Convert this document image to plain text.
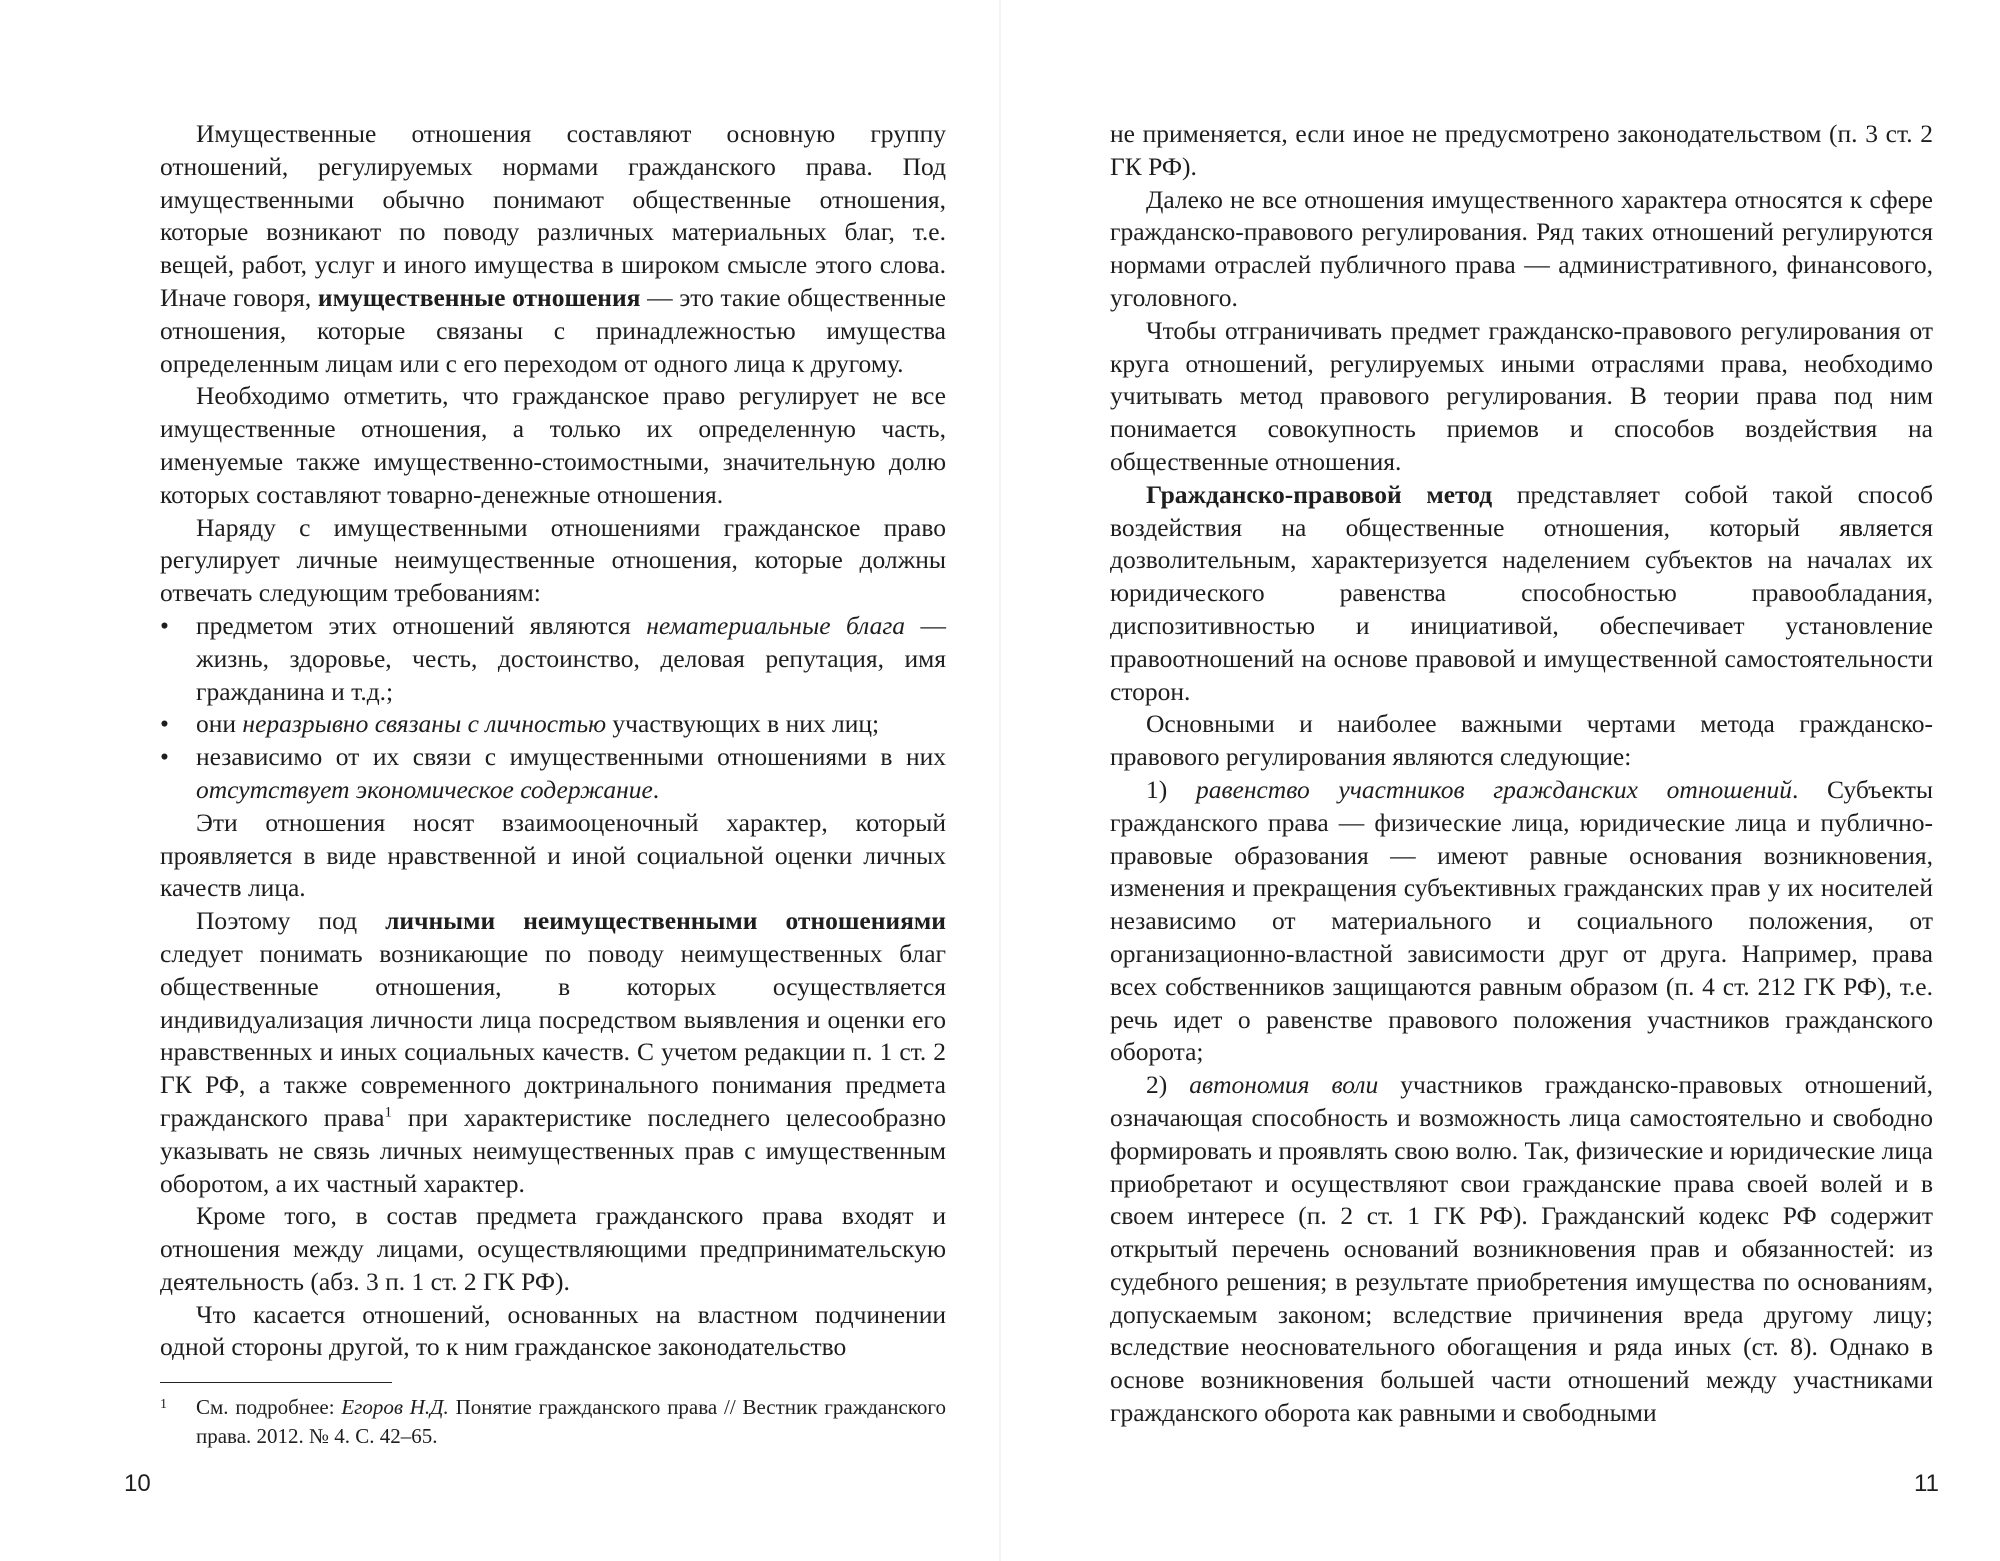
Имущественные отношения составляют основную группу отношений, регулируемых нормами гражданского права. Под имущественными обычно понимают общественные отношения, которые возникают по поводу различных материальных благ, т.е. вещей, работ, услуг и иного имущества в широком смысле этого слова. Иначе говоря, имущественные отношения — это такие общественные отношения, которые связаны с принадлежностью имущества определенным лицам или с его переходом от одного лица к другому.

Необходимо отметить, что гражданское право регулирует не все имущественные отношения, а только их определенную часть, именуемые также имущественно-стоимостными, значительную долю которых составляют товарно-денежные отношения.

Наряду с имущественными отношениями гражданское право регулирует личные неимущественные отношения, которые должны отвечать следующим требованиям:

•	предметом этих отношений являются нематериальные блага — жизнь, здоровье, честь, достоинство, деловая репутация, имя гражданина и т.д.;
•	они неразрывно связаны с личностью участвующих в них лиц;
•	независимо от их связи с имущественными отношениями в них отсутствует экономическое содержание.

Эти отношения носят взаимооценочный характер, который проявляется в виде нравственной и иной социальной оценки личных качеств лица.

Поэтому под личными неимущественными отношениями следует понимать возникающие по поводу неимущественных благ общественные отношения, в которых осуществляется индивидуализация личности лица посредством выявления и оценки его нравственных и иных социальных качеств. С учетом редакции п. 1 ст. 2 ГК РФ, а также современного доктринального понимания предмета гражданского права$^1$ при характеристике последнего целесообразно указывать не связь личных неимущественных прав с имущественным оборотом, а их частный характер.

Кроме того, в состав предмета гражданского права входят и отношения между лицами, осуществляющими предпринимательскую деятельность (абз. 3 п. 1 ст. 2 ГК РФ).

Что касается отношений, основанных на властном подчинении одной стороны другой, то к ним гражданское законодательство

1	См. подробнее: Егоров Н.Д. Понятие гражданского права // Вестник гражданского права. 2012. № 4. С. 42–65.
10

не применяется, если иное не предусмотрено законодательством (п. 3 ст. 2 ГК РФ).

Далеко не все отношения имущественного характера относятся к сфере гражданско-правового регулирования. Ряд таких отношений регулируются нормами отраслей публичного права — административного, финансового, уголовного.

Чтобы отграничивать предмет гражданско-правового регулирования от круга отношений, регулируемых иными отраслями права, необходимо учитывать метод правового регулирования. В теории права под ним понимается совокупность приемов и способов воздействия на общественные отношения.

Гражданско-правовой метод представляет собой такой способ воздействия на общественные отношения, который является дозволительным, характеризуется наделением субъектов на началах их юридического равенства способностью правообладания, диспозитивностью и инициативой, обеспечивает установление правоотношений на основе правовой и имущественной самостоятельности сторон.

Основными и наиболее важными чертами метода гражданско-правового регулирования являются следующие:

1) равенство участников гражданских отношений. Субъекты гражданского права — физические лица, юридические лица и публично-правовые образования — имеют равные основания возникновения, изменения и прекращения субъективных гражданских прав у их носителей независимо от материального и социального положения, от организационно-властной зависимости друг от друга. Например, права всех собственников защищаются равным образом (п. 4 ст. 212 ГК РФ), т.е. речь идет о равенстве правового положения участников гражданского оборота;

2) автономия воли участников гражданско-правовых отношений, означающая способность и возможность лица самостоятельно и свободно формировать и проявлять свою волю. Так, физические и юридические лица приобретают и осуществляют свои гражданские права своей волей и в своем интересе (п. 2 ст. 1 ГК РФ). Гражданский кодекс РФ содержит открытый перечень оснований возникновения прав и обязанностей: из судебного решения; в результате приобретения имущества по основаниям, допускаемым законом; вследствие причинения вреда другому лицу; вследствие неосновательного обогащения и ряда иных (ст. 8). Однако в основе возникновения большей части отношений между участниками гражданского оборота как равными и свободными

11
